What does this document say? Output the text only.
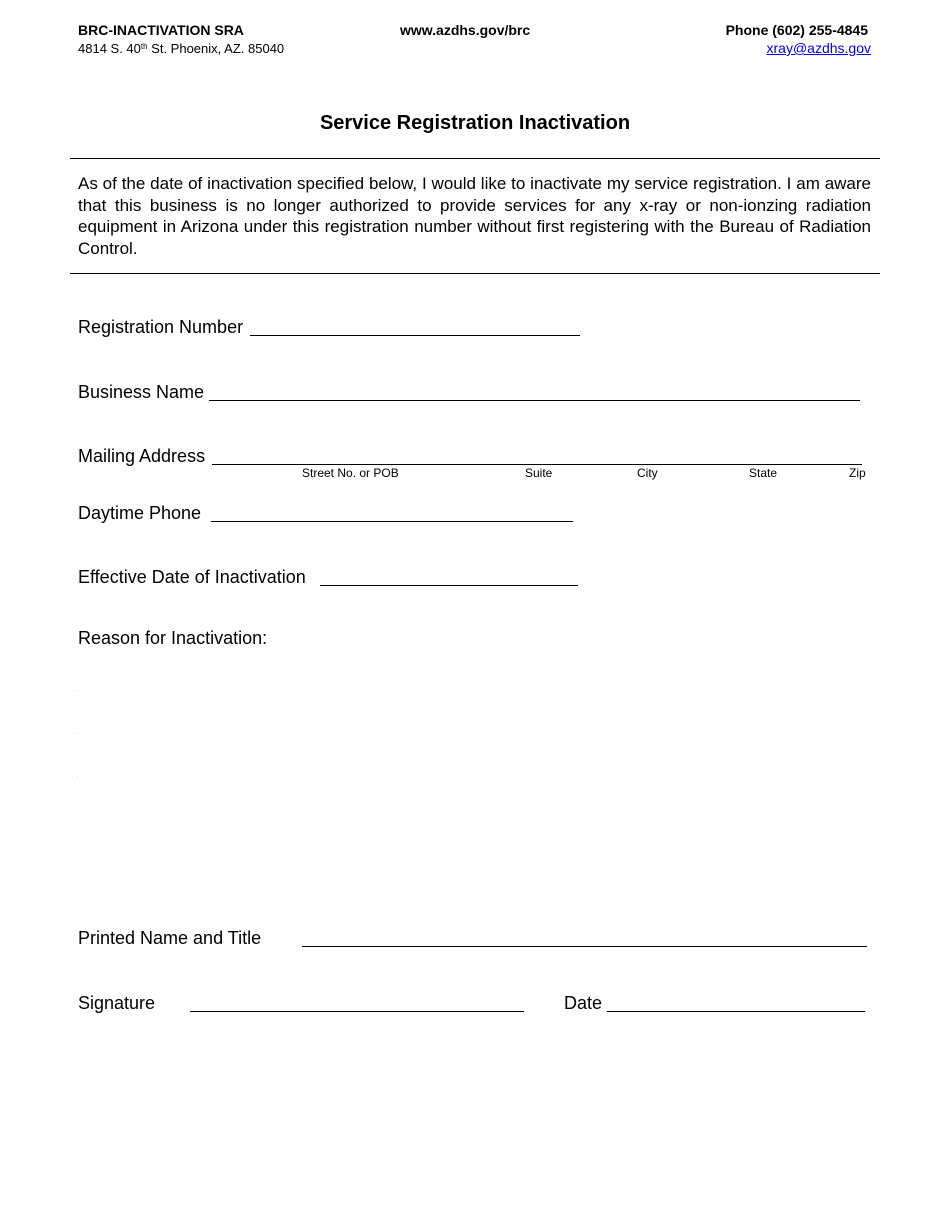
BRC-INACTIVATION SRA
4814 S. 40th St. Phoenix, AZ. 85040
www.azdhs.gov/brc	Phone (602) 255-4845
xray@azdhs.gov
Service Registration Inactivation
As of the date of inactivation specified below, I would like to inactivate my service registration. I am aware that this business is no longer authorized to provide services for any x-ray or non-ionzing radiation equipment in Arizona under this registration number without first registering with the Bureau of Radiation Control.
Registration Number
Business Name
Mailing Address
Street No. or POB	Suite	City	State	Zip
Daytime Phone
Effective Date of Inactivation
Reason for Inactivation:
Printed Name and Title
Signature	Date
